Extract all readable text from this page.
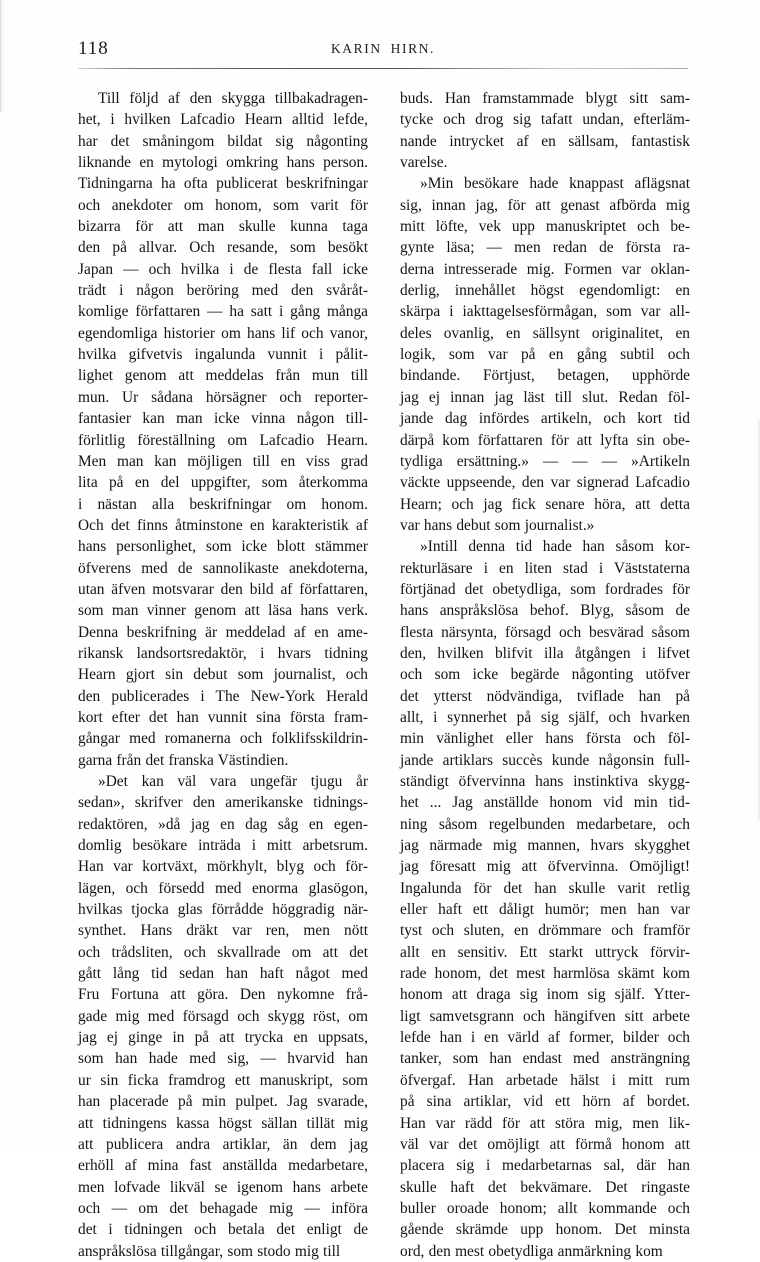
118	KARIN HIRN.

Till följd af den skygga tillbakadragen-
het, i hvilken Lafcadio Hearn alltid lefde,
har det småningom bildat sig någonting
liknande en mytologi omkring hans person.
Tidningarna ha ofta publicerat beskrifningar
och anekdoter om honom, som varit för
bizarra för att man skulle kunna taga
den på allvar. Och resande, som besökt
Japan — och hvilka i de flesta fall icke
trädt i någon beröring med den svåråt-
komlige författaren — ha satt i gång många
egendomliga historier om hans lif och vanor,
hvilka gifvetvis ingalunda vunnit i pålit-
lighet genom att meddelas från mun till
mun. Ur sådana hörsägner och reporter-
fantasier kan man icke vinna någon till-
förlitlig föreställning om Lafcadio Hearn.
Men man kan möjligen till en viss grad
lita på en del uppgifter, som återkomma
i nästan alla beskrifningar om honom.
Och det finns åtminstone en karakteristik af
hans personlighet, som icke blott stämmer
öfverens med de sannolikaste anekdoterna,
utan äfven motsvarar den bild af författaren,
som man vinner genom att läsa hans verk.
Denna beskrifning är meddelad af en ame-
rikansk landsortsredaktör, i hvars tidning
Hearn gjort sin debut som journalist, och
den publicerades i The New-York Herald
kort efter det han vunnit sina första fram-
gångar med romanerna och folklifsskildrin-
garna från det franska Västindien.

»Det kan väl vara ungefär tjugu år
sedan», skrifver den amerikanske tidnings-
redaktören, »då jag en dag såg en egen-
domlig besökare inträda i mitt arbetsrum.
Han var kortväxt, mörkhylt, blyg och för-
lägen, och försedd med enorma glasögon,
hvilkas tjocka glas förrådde höggradig när-
synthet. Hans dräkt var ren, men nött
och trådsliten, och skvallrade om att det
gått lång tid sedan han haft något med
Fru Fortuna att göra. Den nykomne frå-
gade mig med försagd och skygg röst, om
jag ej ginge in på att trycka en uppsats,
som han hade med sig, — hvarvid han
ur sin ficka framdrog ett manuskript, som
han placerade på min pulpet. Jag svarade,
att tidningens kassa högst sällan tillät mig
att publicera andra artiklar, än dem jag
erhöll af mina fast anställda medarbetare,
men lofvade likväl se igenom hans arbete
och — om det behagade mig — införa
det i tidningen och betala det enligt de
anspråkslösa tillgångar, som stodo mig till

buds. Han framstammade blygt sitt sam-
tycke och drog sig tafatt undan, efterläm-
nande intrycket af en sällsam, fantastisk
varelse.

»Min besökare hade knappast aflägsnat
sig, innan jag, för att genast afbörda mig
mitt löfte, vek upp manuskriptet och be-
gynte läsa; — men redan de första ra-
derna intresserade mig. Formen var oklan-
derlig, innehållet högst egendomligt: en
skärpa i iakttagelsesförmågan, som var all-
deles ovanlig, en sällsynt originalitet, en
logik, som var på en gång subtil och
bindande. Förtjust, betagen, upphörde
jag ej innan jag läst till slut. Redan föl-
jande dag infördes artikeln, och kort tid
därpå kom författaren för att lyfta sin obe-
tydliga ersättning.» — — — »Artikeln
väckte uppseende, den var signerad Lafcadio
Hearn; och jag fick senare höra, att detta
var hans debut som journalist.»

»Intill denna tid hade han såsom kor-
rekturläsare i en liten stad i Väststaterna
förtjänad det obetydliga, som fordrades för
hans anspråkslösa behof. Blyg, såsom de
flesta närsynta, försagd och besvärad såsom
den, hvilken blifvit illa åtgången i lifvet
och som icke begärde någonting utöfver
det ytterst nödvändiga, tviflade han på
allt, i synnerhet på sig själf, och hvarken
min vänlighet eller hans första och föl-
jande artiklars succès kunde någonsin full-
ständigt öfvervinna hans instinktiva skygg-
het ... Jag anställde honom vid min tid-
ning såsom regelbunden medarbetare, och
jag närmade mig mannen, hvars skygghet
jag föresatt mig att öfvervinna. Omöjligt!
Ingalunda för det han skulle varit retlig
eller haft ett dåligt humör; men han var
tyst och sluten, en drömmare och framför
allt en sensitiv. Ett starkt uttryck förvir-
rade honom, det mest harmlösa skämt kom
honom att draga sig inom sig själf. Ytter-
ligt samvetsgrann och hängifven sitt arbete
lefde han i en värld af former, bilder och
tanker, som han endast med ansträngning
öfvergaf. Han arbetade hälst i mitt rum
på sina artiklar, vid ett hörn af bordet.
Han var rädd för att störa mig, men lik-
väl var det omöjligt att förmå honom att
placera sig i medarbetarnas sal, där han
skulle haft det bekvämare. Det ringaste
buller oroade honom; allt kommande och
gående skrämde upp honom. Det minsta
ord, den mest obetydliga anmärkning kom
